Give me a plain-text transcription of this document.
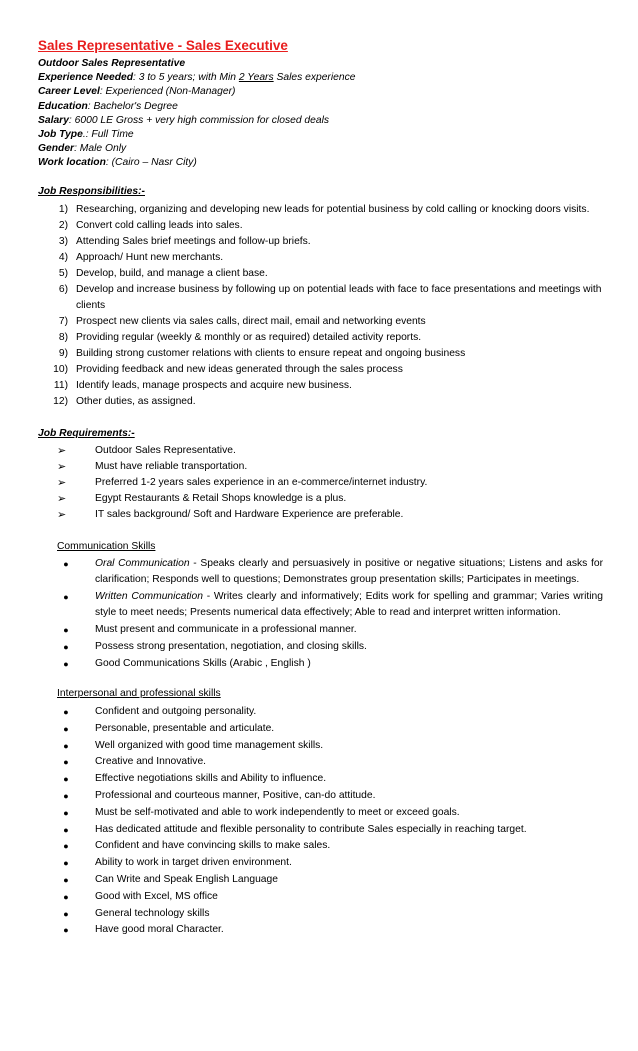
Sales Representative - Sales Executive
Outdoor Sales Representative
Experience Needed: 3 to 5 years; with Min 2 Years Sales experience
Career Level: Experienced (Non-Manager)
Education: Bachelor's Degree
Salary: 6000 LE Gross + very high commission for closed deals
Job Type.: Full Time
Gender: Male Only
Work location: (Cairo – Nasr City)
Job Responsibilities:-
1) Researching, organizing and developing new leads for potential business by cold calling or knocking doors visits.
2) Convert cold calling leads into sales.
3) Attending Sales brief meetings and follow-up briefs.
4) Approach/ Hunt new merchants.
5) Develop, build, and manage a client base.
6) Develop and increase business by following up on potential leads with face to face presentations and meetings with clients
7) Prospect new clients via sales calls, direct mail, email and networking events
8) Providing regular (weekly & monthly or as required) detailed activity reports.
9) Building strong customer relations with clients to ensure repeat and ongoing business
10) Providing feedback and new ideas generated through the sales process
11) Identify leads, manage prospects and acquire new business.
12) Other duties, as assigned.
Job Requirements:-
➢	Outdoor Sales Representative.
➢	Must have reliable transportation.
➢	Preferred 1-2 years sales experience in an e-commerce/internet industry.
➢	Egypt Restaurants & Retail Shops knowledge is a plus.
➢	IT sales background/ Soft and Hardware Experience are preferable.
Communication Skills
●	Oral Communication - Speaks clearly and persuasively in positive or negative situations; Listens and asks for clarification; Responds well to questions; Demonstrates group presentation skills; Participates in meetings.
●	Written Communication - Writes clearly and informatively; Edits work for spelling and grammar; Varies writing style to meet needs; Presents numerical data effectively; Able to read and interpret written information.
●	Must present and communicate in a professional manner.
●	Possess strong presentation, negotiation, and closing skills.
●	Good Communications Skills (Arabic , English )
Interpersonal and professional skills
●	Confident and outgoing personality.
●	Personable, presentable and articulate.
●	Well organized with good time management skills.
●	Creative and Innovative.
●	Effective negotiations skills and Ability to influence.
●	Professional and courteous manner, Positive, can-do attitude.
●	Must be self-motivated and able to work independently to meet or exceed goals.
●	Has dedicated attitude and flexible personality to contribute Sales especially in reaching target.
●	Confident and have convincing skills to make sales.
●	Ability to work in target driven environment.
●	Can Write and Speak English Language
●	Good with Excel, MS office
●	General technology skills
●	Have good moral Character.
